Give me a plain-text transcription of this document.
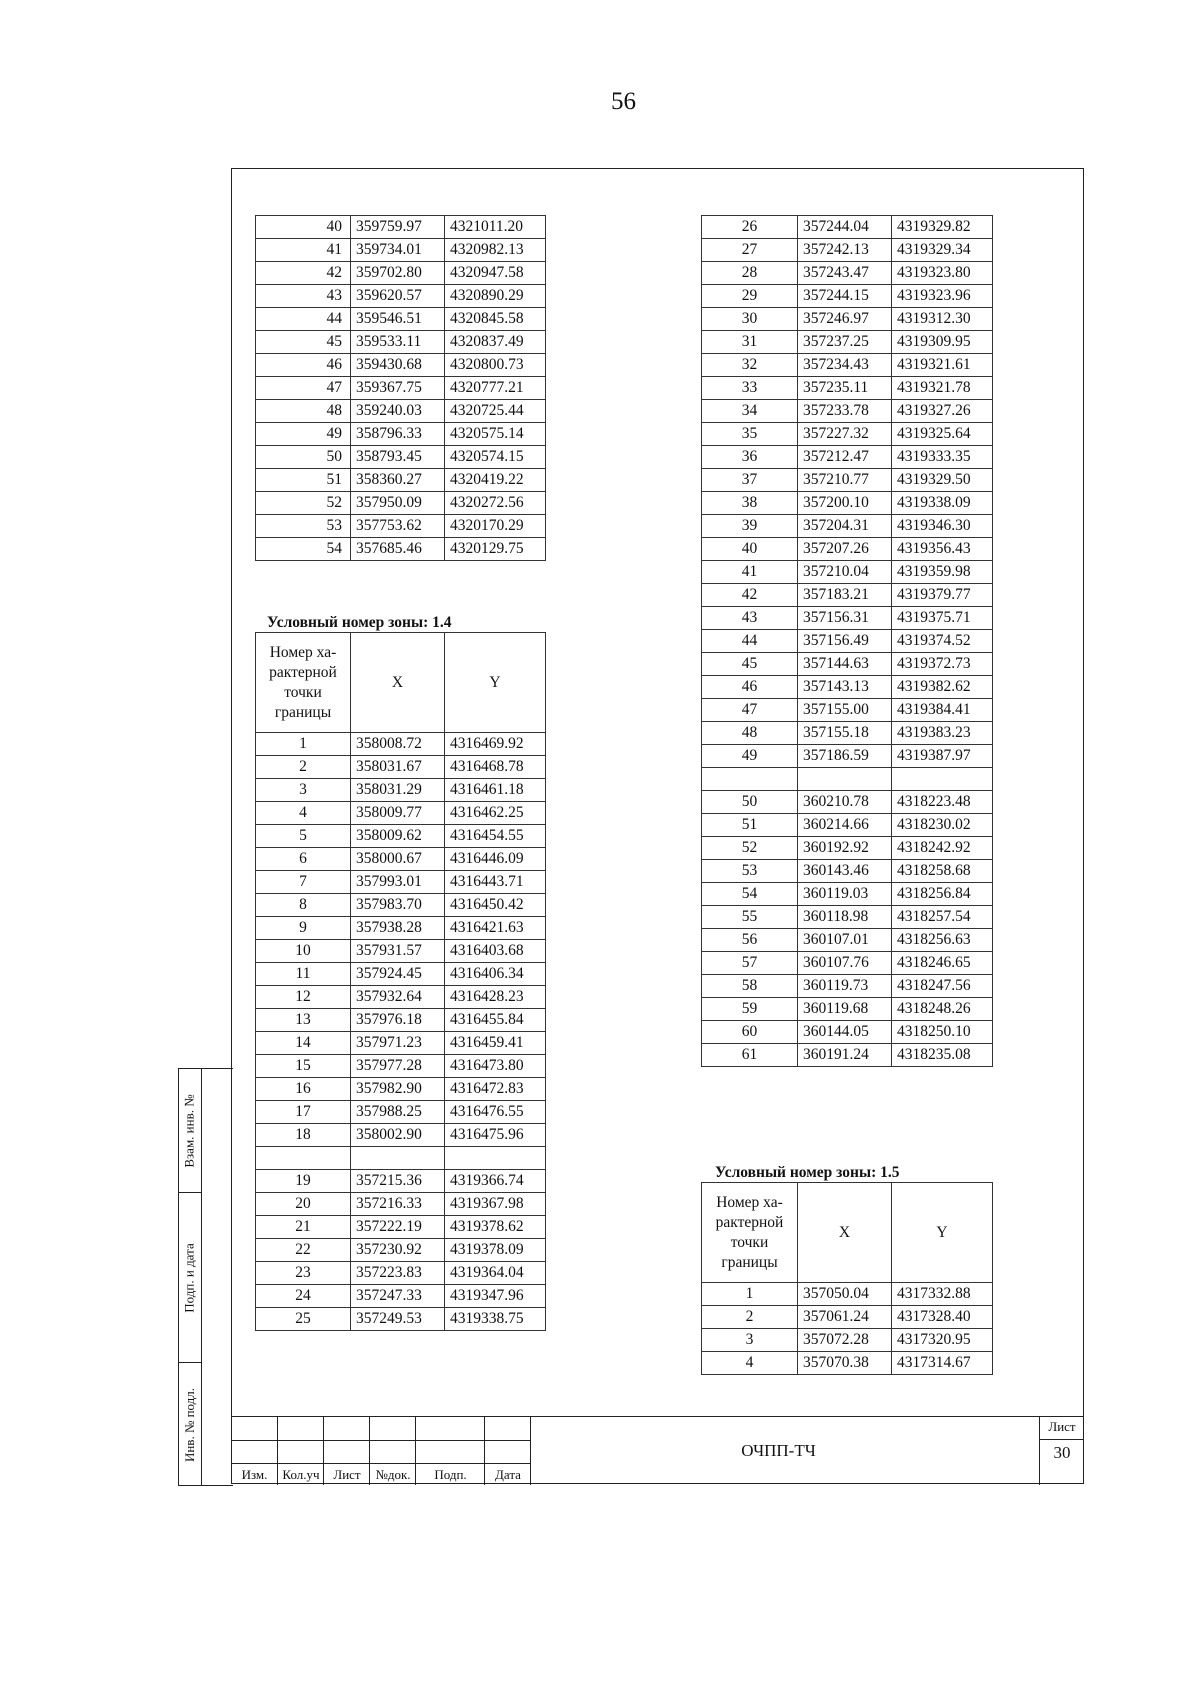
56
40	359759.97	4321011.20
41	359734.01	4320982.13
42	359702.80	4320947.58
43	359620.57	4320890.29
44	359546.51	4320845.58
45	359533.11	4320837.49
46	359430.68	4320800.73
47	359367.75	4320777.21
48	359240.03	4320725.44
49	358796.33	4320575.14
50	358793.45	4320574.15
51	358360.27	4320419.22
52	357950.09	4320272.56
53	357753.62	4320170.29
54	357685.46	4320129.75
Условный номер зоны: 1.4
Номер ха-
рактерной
точки
границы	X	Y
1	358008.72	4316469.92
2	358031.67	4316468.78
3	358031.29	4316461.18
4	358009.77	4316462.25
5	358009.62	4316454.55
6	358000.67	4316446.09
7	357993.01	4316443.71
8	357983.70	4316450.42
9	357938.28	4316421.63
10	357931.57	4316403.68
11	357924.45	4316406.34
12	357932.64	4316428.23
13	357976.18	4316455.84
14	357971.23	4316459.41
15	357977.28	4316473.80
16	357982.90	4316472.83
17	357988.25	4316476.55
18	358002.90	4316475.96

19	357215.36	4319366.74
20	357216.33	4319367.98
21	357222.19	4319378.62
22	357230.92	4319378.09
23	357223.83	4319364.04
24	357247.33	4319347.96
25	357249.53	4319338.75
26	357244.04	4319329.82
27	357242.13	4319329.34
28	357243.47	4319323.80
29	357244.15	4319323.96
30	357246.97	4319312.30
31	357237.25	4319309.95
32	357234.43	4319321.61
33	357235.11	4319321.78
34	357233.78	4319327.26
35	357227.32	4319325.64
36	357212.47	4319333.35
37	357210.77	4319329.50
38	357200.10	4319338.09
39	357204.31	4319346.30
40	357207.26	4319356.43
41	357210.04	4319359.98
42	357183.21	4319379.77
43	357156.31	4319375.71
44	357156.49	4319374.52
45	357144.63	4319372.73
46	357143.13	4319382.62
47	357155.00	4319384.41
48	357155.18	4319383.23
49	357186.59	4319387.97

50	360210.78	4318223.48
51	360214.66	4318230.02
52	360192.92	4318242.92
53	360143.46	4318258.68
54	360119.03	4318256.84
55	360118.98	4318257.54
56	360107.01	4318256.63
57	360107.76	4318246.65
58	360119.73	4318247.56
59	360119.68	4318248.26
60	360144.05	4318250.10
61	360191.24	4318235.08
Условный номер зоны: 1.5
Номер ха-
рактерной
точки
границы	X	Y
1	357050.04	4317332.88
2	357061.24	4317328.40
3	357072.28	4317320.95
4	357070.38	4317314.67
Взам. инв. №
Подп. и дата
Инв. № подл.
Изм.	Кол.уч	Лист	№док.	Подп.	Дата
ОЧПП-ТЧ
Лист
30
